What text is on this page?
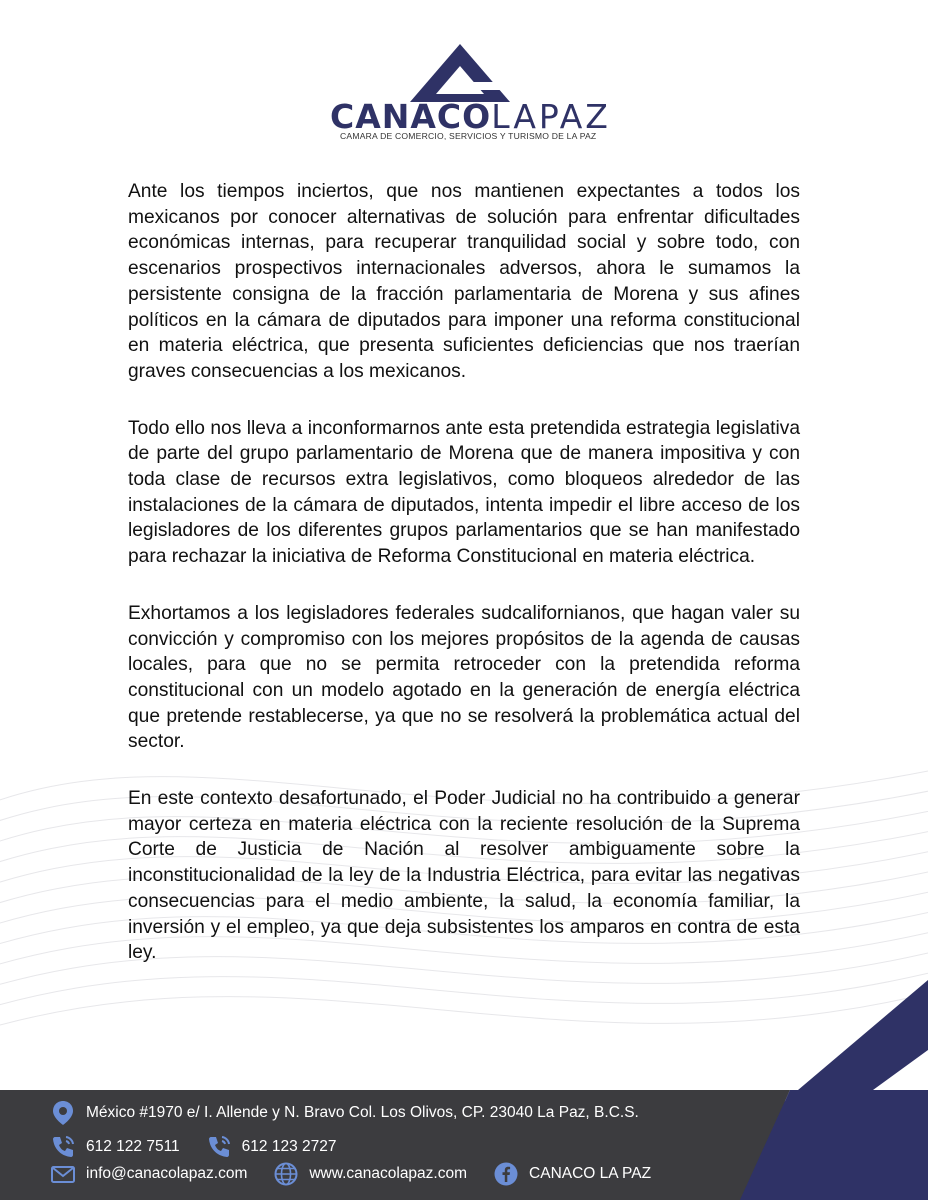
CANACOLAPAZ
CAMARA DE COMERCIO, SERVICIOS Y TURISMO DE LA PAZ

Ante los tiempos inciertos, que nos mantienen expectantes a todos los mexicanos por conocer alternativas de solución para enfrentar dificultades económicas internas, para recuperar tranquilidad social y sobre todo, con escenarios prospectivos internacionales adversos, ahora le sumamos la persistente consigna de la fracción parlamentaria de Morena y sus afines políticos en la cámara de diputados para imponer una reforma constitucional en materia eléctrica, que presenta suficientes deficiencias que nos traerían graves consecuencias a los mexicanos.

Todo ello nos lleva a inconformarnos ante esta pretendida estrategia legislativa de parte del grupo parlamentario de Morena que de manera impositiva y con toda clase de recursos extra legislativos, como bloqueos alrededor de las instalaciones de la cámara de diputados, intenta impedir el libre acceso de los legisladores de los diferentes grupos parlamentarios que se han manifestado para rechazar la iniciativa de Reforma Constitucional en materia eléctrica.

Exhortamos a los legisladores federales sudcalifornianos, que hagan valer su convicción y compromiso con los mejores propósitos de la agenda de causas locales, para que no se permita retroceder con la pretendida reforma constitucional con un modelo agotado en la generación de energía eléctrica que pretende restablecerse, ya que no se resolverá la problemática actual del sector.

En este contexto desafortunado, el Poder Judicial no ha contribuido a generar mayor certeza en materia eléctrica con la reciente resolución de la Suprema Corte de Justicia de Nación al resolver ambiguamente sobre la inconstitucionalidad de la ley de la Industria Eléctrica, para evitar las negativas consecuencias para el medio ambiente, la salud, la economía familiar, la inversión y el empleo, ya que deja subsistentes los amparos en contra de esta ley.

México #1970 e/ I. Allende y N. Bravo Col. Los Olivos, CP. 23040 La Paz, B.C.S.
612 122 7511	612 123 2727
info@canacolapaz.com	www.canacolapaz.com	CANACO LA PAZ
